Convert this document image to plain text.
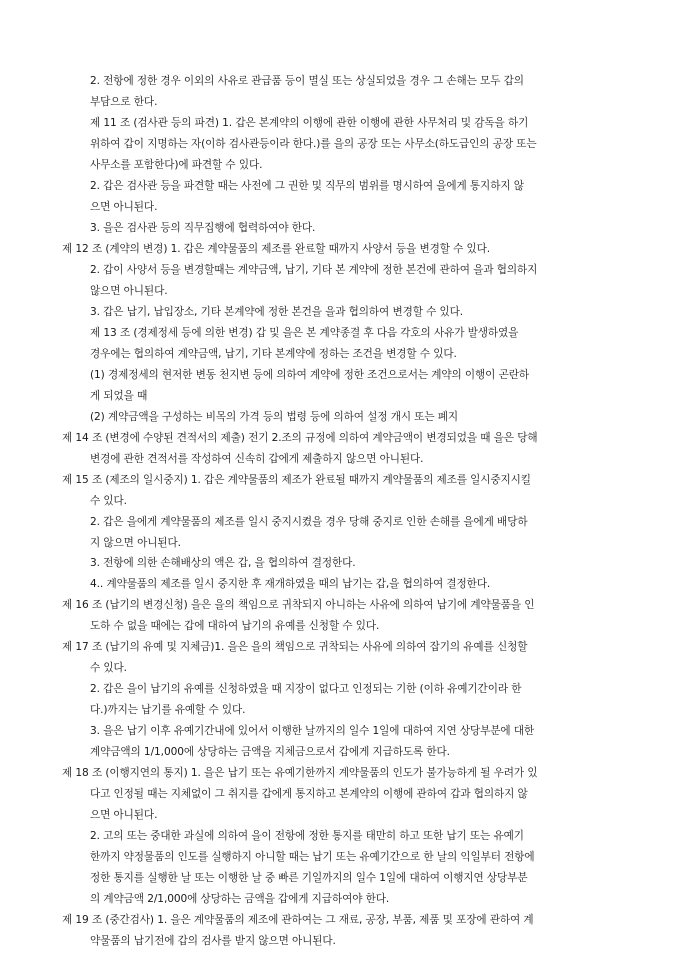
2. 전항에 정한 경우 이외의 사유로 관급품 등이 멸실 또는 상실되었을 경우 그 손해는 모두 갑의
부담으로 한다.
제 11 조 (검사관 등의 파견) 1. 갑은 본계약의 이행에 관한 이행에 관한 사무처리 및 감독을 하기
위하여 갑이 지명하는 자(이하 검사관등이라 한다.)를 을의 공장 또는 사무소(하도급인의 공장 또는
사무소를 포함한다)에 파견할 수 있다.
2. 갑은 검사관 등을 파견할 때는 사전에 그 권한 및 직무의 범위를 명시하여 을에게 통지하지 않
으면 아니된다.
3. 을은 검사관 등의 직무집행에 협력하여야 한다.
제 12 조 (계약의 변경) 1. 갑은 계약물품의 제조를 완료할 때까지 사양서 등을 변경할 수 있다.
2. 갑이 사양서 등을 변경할때는 계약금액, 납기, 기타 본 계약에 정한 본건에 관하여 을과 협의하지
않으면 아니된다.
3. 갑은 납기, 납입장소, 기타 본계약에 정한 본건을 을과 협의하여 변경할 수 있다.
제 13 조 (경제정세 등에 의한 변경) 갑 및 을은 본 계약종결 후 다음 각호의 사유가 발생하였을
경우에는 협의하여 계약금액, 납기, 기타 본계약에 정하는 조건을 변경할 수 있다.
(1) 경제정세의 현저한 변동 천지변 등에 의하여 계약에 정한 조건으로서는 계약의 이행이 곤란하
게 되었을 때
(2) 계약금액을 구성하는 비목의 가격 등의 법령 등에 의하여 설정 개시 또는 폐지
제 14 조 (변경에 수양된 견적서의 제출) 전기 2.조의 규정에 의하여 계약금액이 변경되었을 때 을은 당해
변경에 관한 견적서를 작성하여 신속히 갑에게 제출하지 않으면 아니된다.
제 15 조 (제조의 일시중지) 1. 갑은 계약물품의 제조가 완료될 때까지 계약물품의 제조를 일시중지시킬
수 있다.
2. 갑은 을에게 계약물품의 제조를 일시 중지시켰을 경우 당해 중지로 인한 손해를 을에게 배당하
지 않으면 아니된다.
3. 전항에 의한 손해배상의 액은 갑, 을 협의하여 결정한다.
4.. 계약물품의 제조를 일시 중지한 후 재개하였을 때의 납기는 갑,을 협의하여 결정한다.
제 16 조 (납기의 변경신청) 을은 을의 책임으로 귀착되지 아니하는 사유에 의하여 납기에 계약물품을 인
도하 수 없을 때에는 갑에 대하여 납기의 유예를 신청할 수 있다.
제 17 조 (납기의 유예 및 지체금)1. 을은 을의 책임으로 귀착되는 사유에 의하여 잡기의 유예를 신청할
수 있다.
2. 갑은 을이 납기의 유예를 신청하였을 때 지장이 없다고 인정되는 기한 (이하 유예기간이라 한
다.)까지는 납기를 유예할 수 있다.
3. 을은 납기 이후 유예기간내에 있어서 이행한 날까지의 일수 1일에 대하여 지연 상당부분에 대한
계약금액의 1/1,000에 상당하는 금액을 지체금으로서 갑에게 지급하도록 한다.
제 18 조 (이행지연의 통지) 1. 을은 납기 또는 유예기한까지 계약물품의 인도가 불가능하게 될 우려가 있
다고 인정될 때는 지체없이 그 취지를 갑에게 통지하고 본계약의 이행에 관하여 갑과 협의하지 않
으면 아니된다.
2. 고의 또는 중대한 과실에 의하여 을이 전항에 정한 통지를 태만히 하고 또한 납기 또는 유예기
한까지 약정물품의 인도를 실행하지 아니할 때는 납기 또는 유예기간으로 한 날의 익일부터 전항에
정한 통지를 실행한 날 또는 이행한 날 중 빠른 기일까지의 일수 1일에 대하여 이행지연 상당부분
의 계약금액 2/1,000에 상당하는 금액을 갑에게 지급하여야 한다.
제 19 조 (중간검사) 1. 을은 계약물품의 제조에 관하여는 그 재료, 공장, 부품, 제품 및 포장에 관하여 계
약물품의 납기전에 갑의 검사를 받지 않으면 아니된다.
